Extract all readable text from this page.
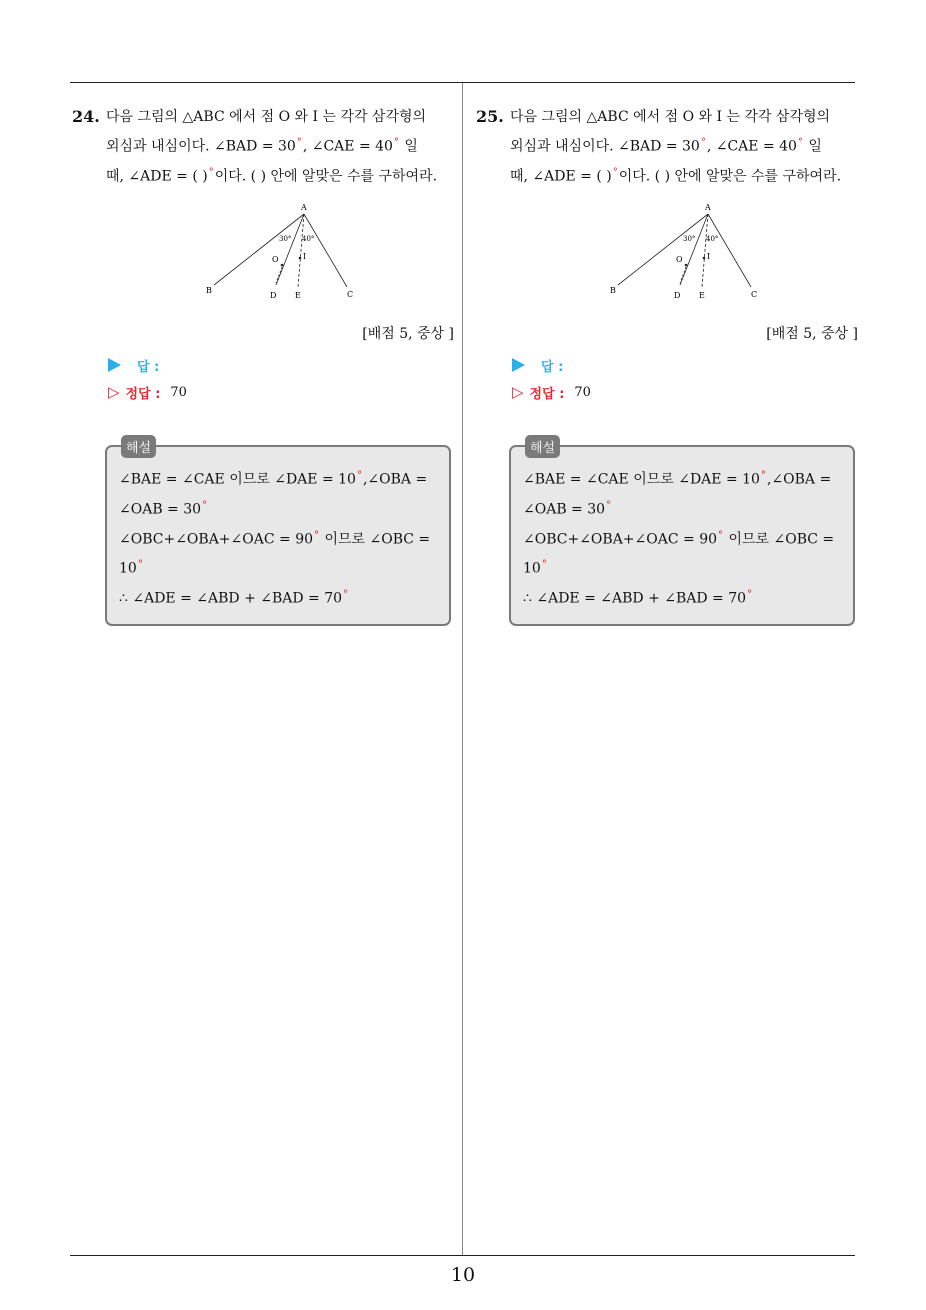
24. 다음 그림의 △ABC 에서 점 O 와 I 는 각각 삼각형의
외심과 내심이다. ∠BAD = 30°, ∠CAE = 40° 일
때, ∠ADE = ( )°이다. ( ) 안에 알맞은 수를 구하여라.
A
B	C
D E
O	I
30° 40°
[배점 5, 중상 ]
답 :
▷ 정답 : 70
해설
∠BAE = ∠CAE 이므로 ∠DAE = 10°,∠OBA =
∠OAB = 30°
∠OBC+∠OBA+∠OAC = 90° 이므로 ∠OBC =
10°
∴ ∠ADE = ∠ABD + ∠BAD = 70°
25. 다음 그림의 △ABC 에서 점 O 와 I 는 각각 삼각형의
외심과 내심이다. ∠BAD = 30°, ∠CAE = 40° 일
때, ∠ADE = ( )°이다. ( ) 안에 알맞은 수를 구하여라.
A
B	C
D E
O	I
30° 40°
[배점 5, 중상 ]
답 :
▷ 정답 : 70
해설
∠BAE = ∠CAE 이므로 ∠DAE = 10°,∠OBA =
∠OAB = 30°
∠OBC+∠OBA+∠OAC = 90° 이므로 ∠OBC =
10°
∴ ∠ADE = ∠ABD + ∠BAD = 70°
10
